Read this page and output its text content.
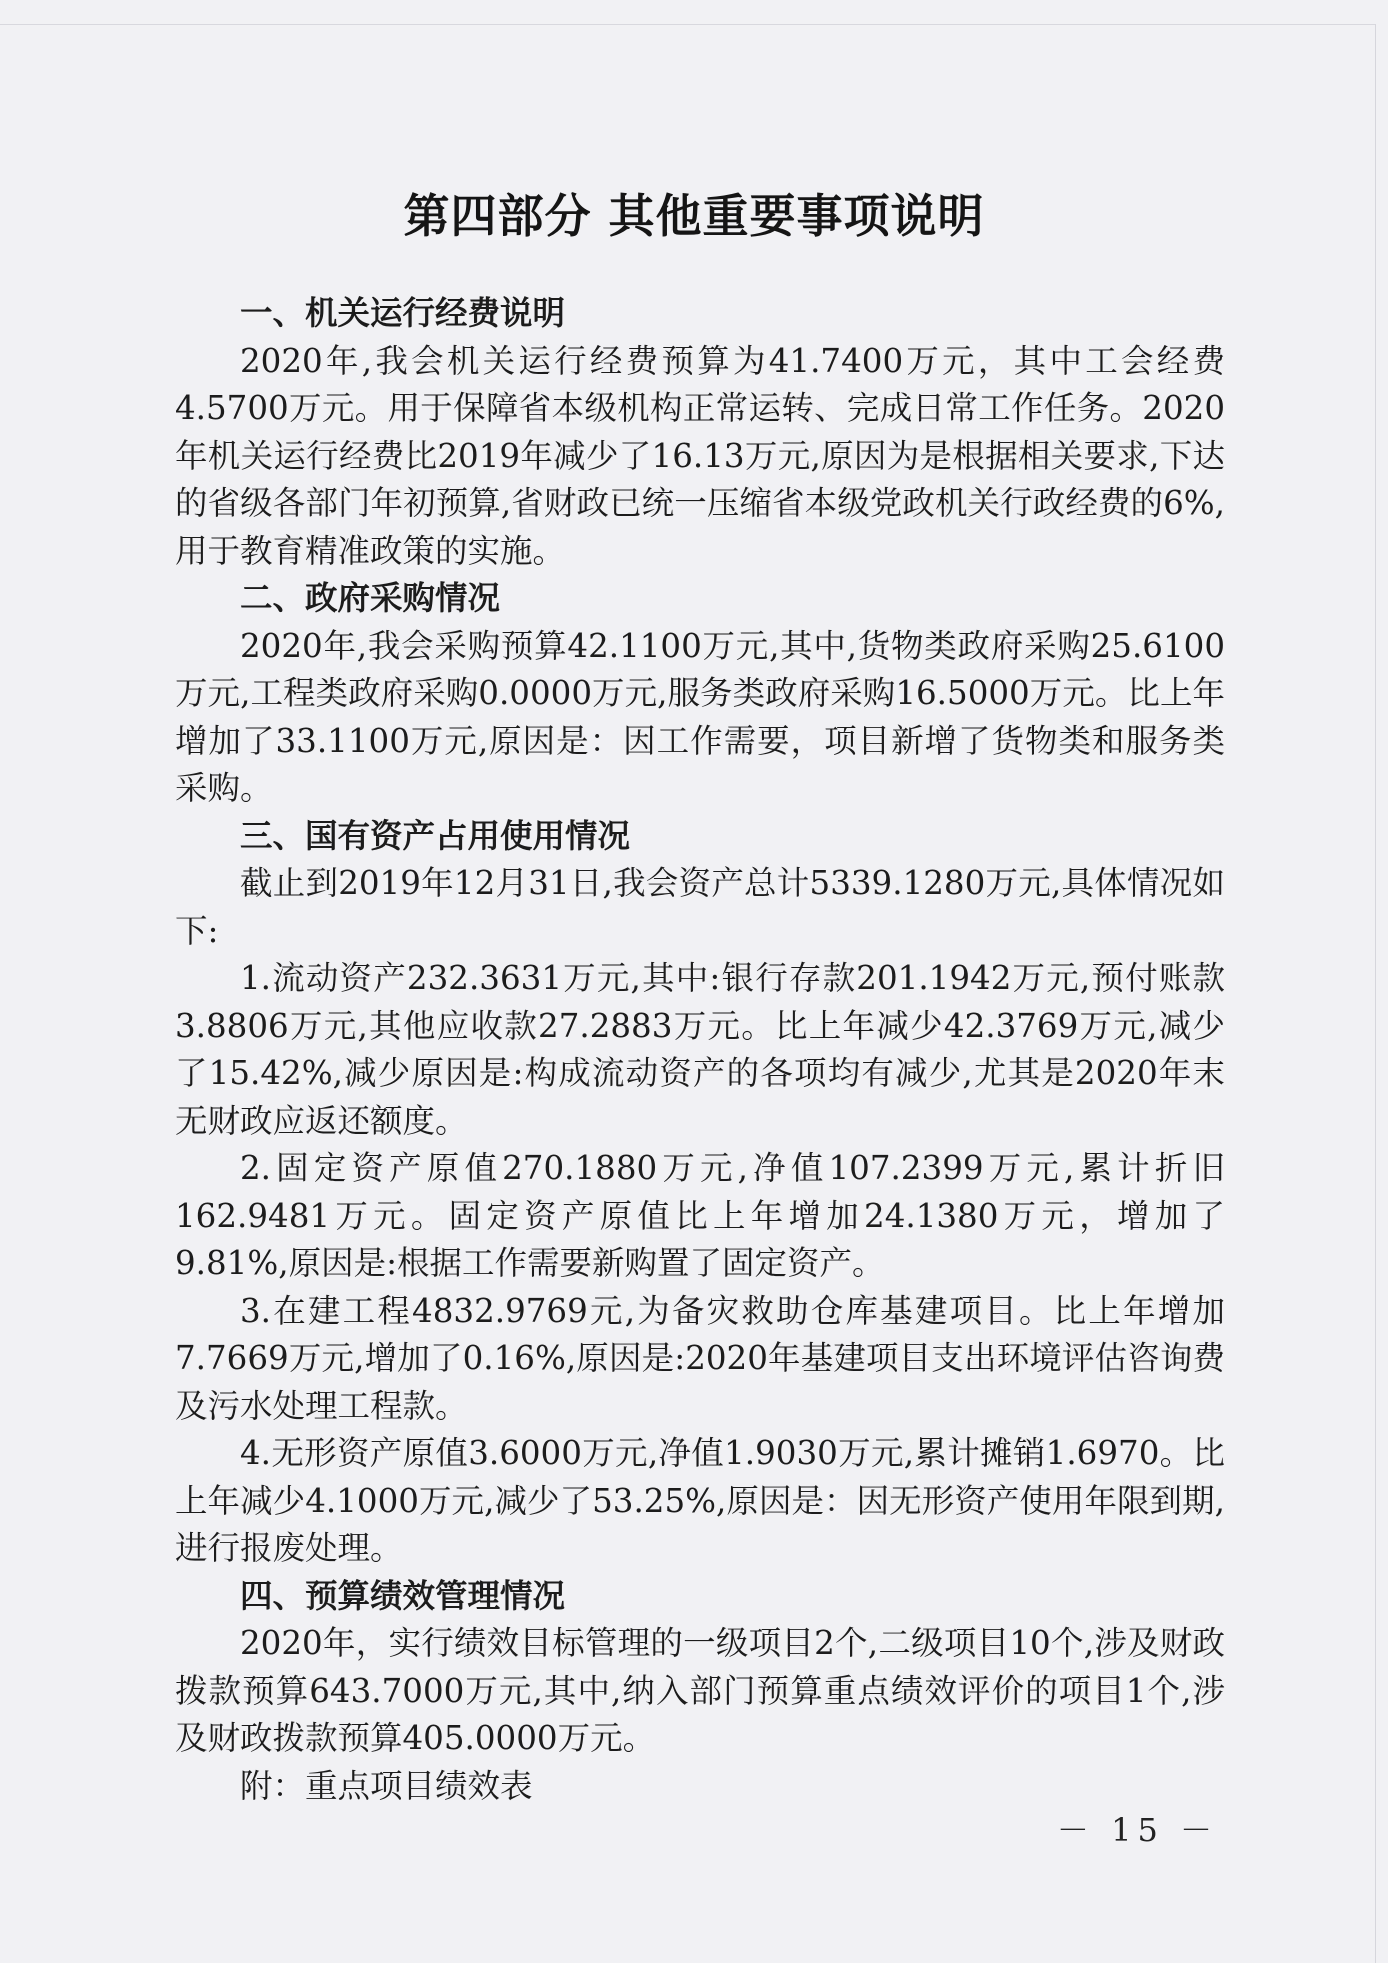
第四部分 其他重要事项说明
一、机关运行经费说明

2020年,我会机关运行经费预算为41.7400万元，其中工会经费4.5700万元。用于保障省本级机构正常运转、完成日常工作任务。2020年机关运行经费比2019年减少了16.13万元,原因为是根据相关要求,下达的省级各部门年初预算,省财政已统一压缩省本级党政机关行政经费的6%,用于教育精准政策的实施。

二、政府采购情况

2020年,我会采购预算42.1100万元,其中,货物类政府采购25.6100万元,工程类政府采购0.0000万元,服务类政府采购16.5000万元。比上年增加了33.1100万元,原因是：因工作需要，项目新增了货物类和服务类采购。

三、国有资产占用使用情况

截止到2019年12月31日,我会资产总计5339.1280万元,具体情况如下:

1.流动资产232.3631万元,其中:银行存款201.1942万元,预付账款3.8806万元,其他应收款27.2883万元。比上年减少42.3769万元,减少了15.42%,减少原因是:构成流动资产的各项均有减少,尤其是2020年末无财政应返还额度。

2.固定资产原值270.1880万元,净值107.2399万元,累计折旧162.9481万元。固定资产原值比上年增加24.1380万元，增加了9.81%,原因是:根据工作需要新购置了固定资产。

3.在建工程4832.9769元,为备灾救助仓库基建项目。比上年增加7.7669万元,增加了0.16%,原因是:2020年基建项目支出环境评估咨询费及污水处理工程款。

4.无形资产原值3.6000万元,净值1.9030万元,累计摊销1.6970。比上年减少4.1000万元,减少了53.25%,原因是：因无形资产使用年限到期,进行报废处理。

四、预算绩效管理情况

2020年，实行绩效目标管理的一级项目2个,二级项目10个,涉及财政拨款预算643.7000万元,其中,纳入部门预算重点绩效评价的项目1个,涉及财政拨款预算405.0000万元。

附：重点项目绩效表

－ 15 －
